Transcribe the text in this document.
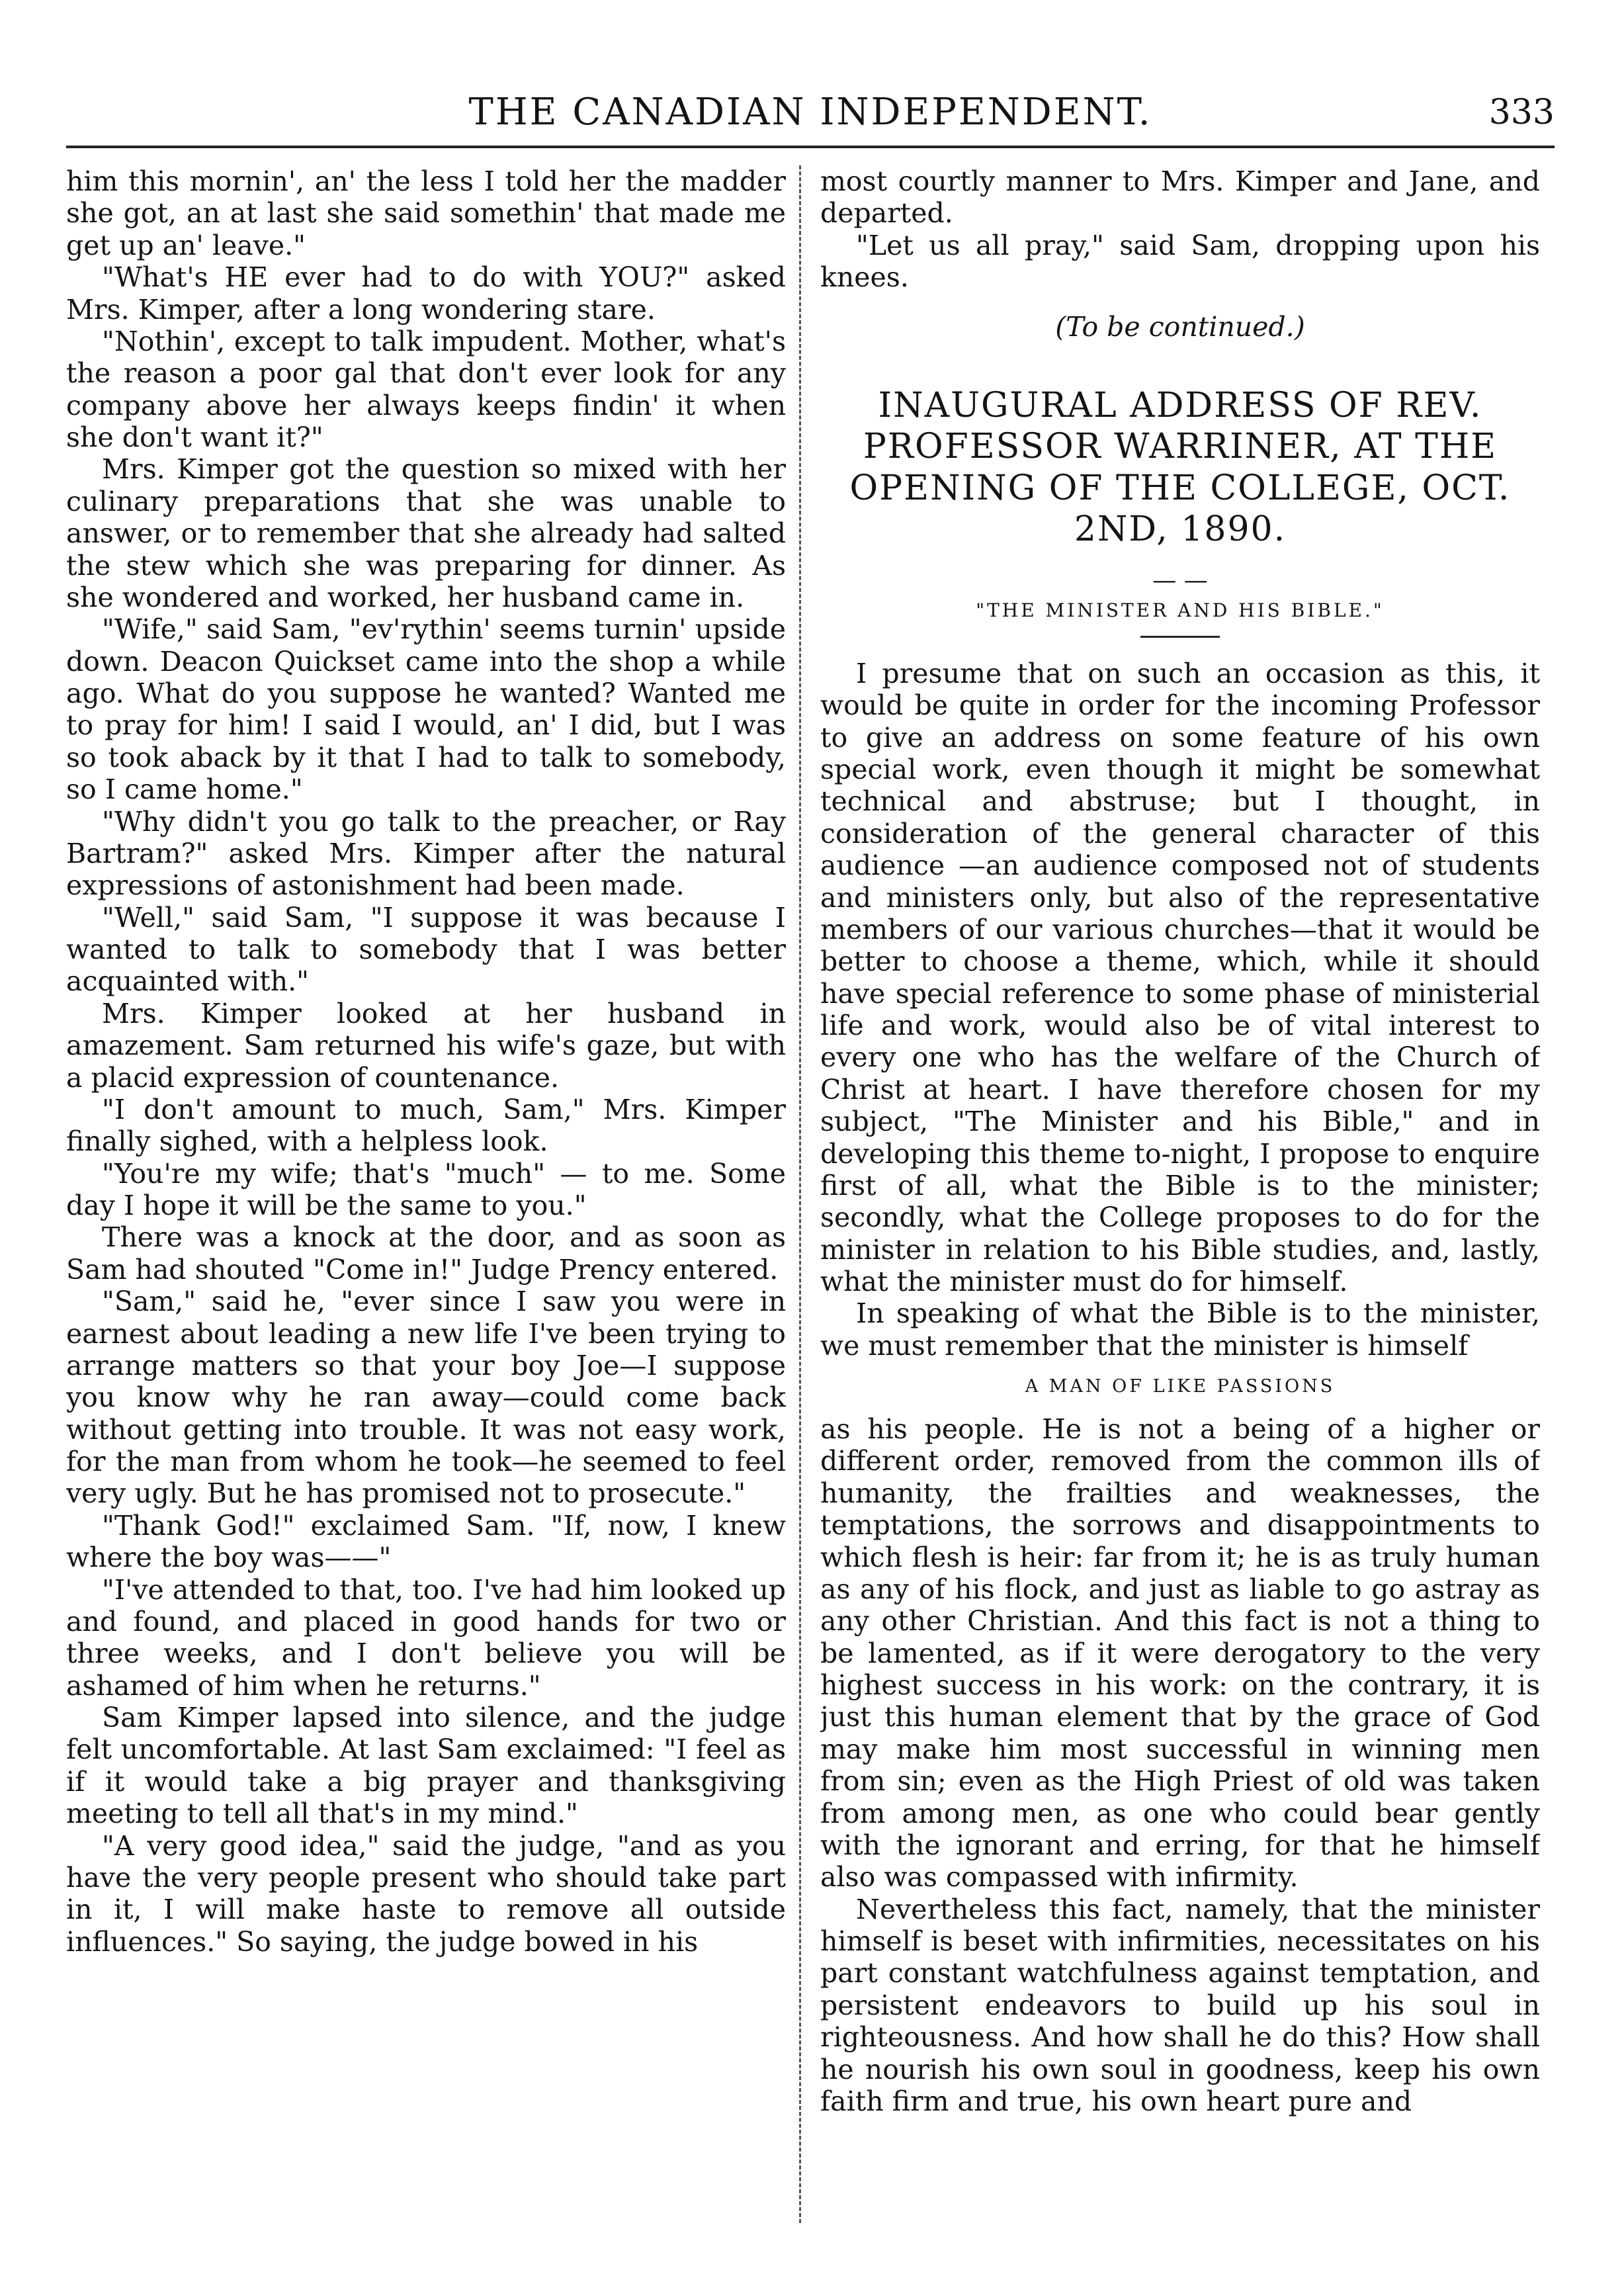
THE CANADIAN INDEPENDENT.	333

him this mornin', an' the less I told her the madder she got, an at last she said somethin' that made me get up an' leave."

"What's HE ever had to do with YOU?" asked Mrs. Kimper, after a long wondering stare.

"Nothin', except to talk impudent. Mother, what's the reason a poor gal that don't ever look for any company above her always keeps findin' it when she don't want it?"

Mrs. Kimper got the question so mixed with her culinary preparations that she was unable to answer, or to remember that she already had salted the stew which she was preparing for dinner. As she wondered and worked, her husband came in.

"Wife," said Sam, "ev'rythin' seems turnin' upside down. Deacon Quickset came into the shop a while ago. What do you suppose he wanted? Wanted me to pray for him! I said I would, an' I did, but I was so took aback by it that I had to talk to somebody, so I came home."

"Why didn't you go talk to the preacher, or Ray Bartram?" asked Mrs. Kimper after the natural expressions of astonishment had been made.

"Well," said Sam, "I suppose it was because I wanted to talk to somebody that I was better acquainted with."

Mrs. Kimper looked at her husband in amazement. Sam returned his wife's gaze, but with a placid expression of countenance.

"I don't amount to much, Sam," Mrs. Kimper finally sighed, with a helpless look.

"You're my wife; that's "much" — to me. Some day I hope it will be the same to you."

There was a knock at the door, and as soon as Sam had shouted "Come in!" Judge Prency entered.

"Sam," said he, "ever since I saw you were in earnest about leading a new life I've been trying to arrange matters so that your boy Joe—I suppose you know why he ran away—could come back without getting into trouble. It was not easy work, for the man from whom he took—he seemed to feel very ugly. But he has promised not to prosecute."

"Thank God!" exclaimed Sam. "If, now, I knew where the boy was——"

"I've attended to that, too. I've had him looked up and found, and placed in good hands for two or three weeks, and I don't believe you will be ashamed of him when he returns."

Sam Kimper lapsed into silence, and the judge felt uncomfortable. At last Sam exclaimed: "I feel as if it would take a big prayer and thanksgiving meeting to tell all that's in my mind."

"A very good idea," said the judge, "and as you have the very people present who should take part in it, I will make haste to remove all outside influences." So saying, the judge bowed in his

most courtly manner to Mrs. Kimper and Jane, and departed.

"Let us all pray," said Sam, dropping upon his knees.

(To be continued.)
INAUGURAL ADDRESS OF REV. PROFESSOR WARRINER, AT THE OPENING OF THE COLLEGE, OCT. 2ND, 1890.
— —
"THE MINISTER AND HIS BIBLE."

I presume that on such an occasion as this, it would be quite in order for the incoming Professor to give an address on some feature of his own special work, even though it might be somewhat technical and abstruse; but I thought, in consideration of the general character of this audience —an audience composed not of students and ministers only, but also of the representative members of our various churches—that it would be better to choose a theme, which, while it should have special reference to some phase of ministerial life and work, would also be of vital interest to every one who has the welfare of the Church of Christ at heart. I have therefore chosen for my subject, "The Minister and his Bible," and in developing this theme to-night, I propose to enquire first of all, what the Bible is to the minister; secondly, what the College proposes to do for the minister in relation to his Bible studies, and, lastly, what the minister must do for himself.

In speaking of what the Bible is to the minister, we must remember that the minister is himself

A MAN OF LIKE PASSIONS

as his people. He is not a being of a higher or different order, removed from the common ills of humanity, the frailties and weaknesses, the temptations, the sorrows and disappointments to which flesh is heir: far from it; he is as truly human as any of his flock, and just as liable to go astray as any other Christian. And this fact is not a thing to be lamented, as if it were derogatory to the very highest success in his work: on the contrary, it is just this human element that by the grace of God may make him most successful in winning men from sin; even as the High Priest of old was taken from among men, as one who could bear gently with the ignorant and erring, for that he himself also was compassed with infirmity.

Nevertheless this fact, namely, that the minister himself is beset with infirmities, necessitates on his part constant watchfulness against temptation, and persistent endeavors to build up his soul in righteousness. And how shall he do this? How shall he nourish his own soul in goodness, keep his own faith firm and true, his own heart pure and
